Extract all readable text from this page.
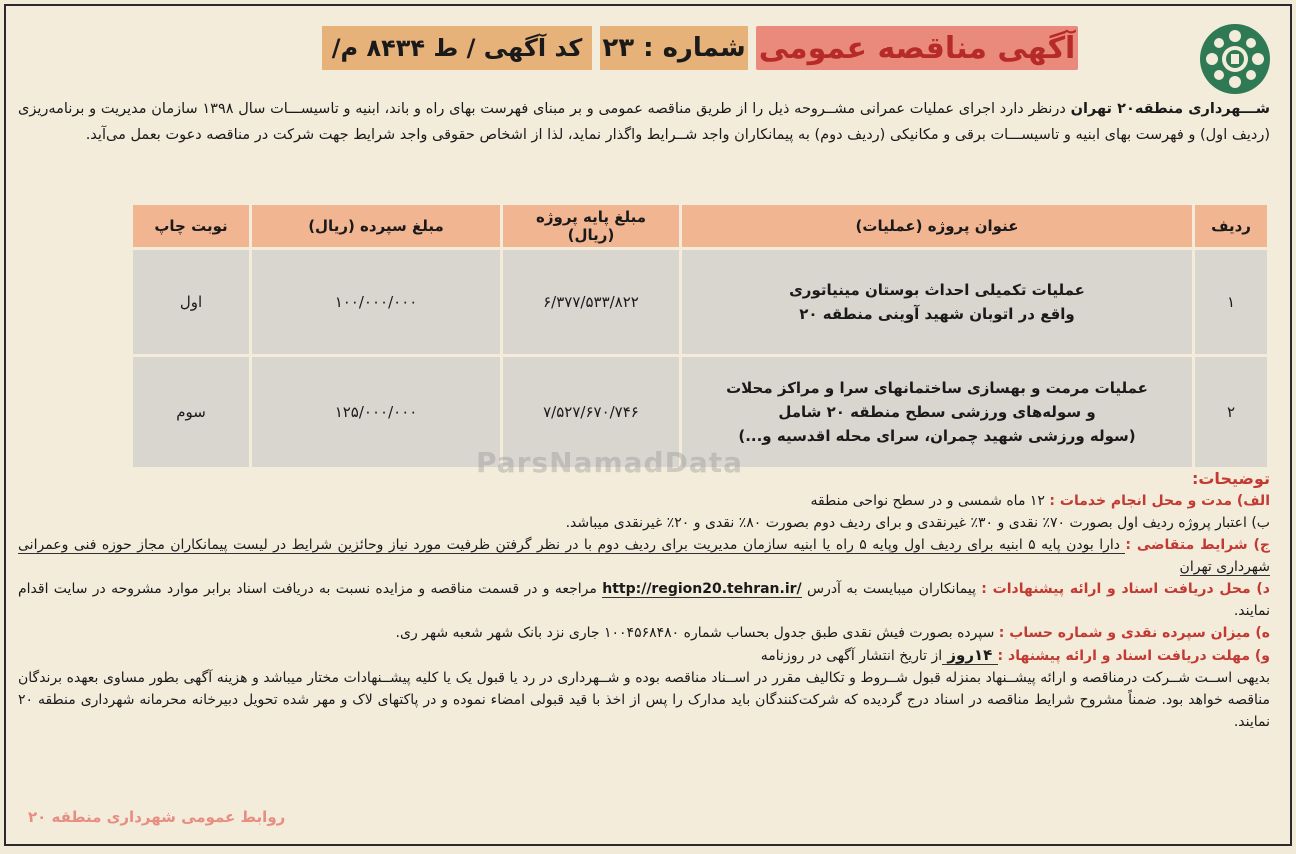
آگهی مناقصه عمومی
شماره : ۲۳
کد آگهی / ط ۸۴۳۴ م/
شـــهرداری منطقه۲۰ تهران درنظر دارد اجرای عملیات عمرانی مشــروحه ذیل را از طریق مناقصه عمومی و بر مبنای فهرست بهای راه و باند، ابنیه و تاسیســـات سال ۱۳۹۸ سازمان مدیریت و برنامه‌ریزی (ردیف اول) و فهرست بهای ابنیه و تاسیســـات برقی و مکانیکی (ردیف دوم) به پیمانکاران واجد شــرایط واگذار نماید، لذا از اشخاص حقوقی واجد شرایط جهت شرکت در مناقصه دعوت بعمل می‌آید.
ردیف	عنوان پروژه (عملیات)	مبلغ پایه پروژه (ریال)	مبلغ سپرده (ریال)	نوبت چاپ
۱	عملیات تکمیلی احداث بوستان مینیاتوری
واقع در اتوبان شهید آوینی منطقه ۲۰	۶/۳۷۷/۵۳۳/۸۲۲	۱۰۰/۰۰۰/۰۰۰	اول
۲	عملیات مرمت و بهسازی ساختمانهای سرا و مراکز محلات
و سوله‌های ورزشی سطح منطقه ۲۰ شامل
(سوله ورزشی شهید چمران، سرای محله اقدسیه و...)	۷/۵۲۷/۶۷۰/۷۴۶	۱۲۵/۰۰۰/۰۰۰	سوم
ParsNamadData	توضیحات:

الف) مدت و محل انجام خدمات : ۱۲ ماه شمسی و در سطح نواحی منطقه

ب) اعتبار پروژه ردیف اول بصورت ۷۰٪ نقدی و ۳۰٪ غیرنقدی و برای ردیف دوم بصورت ۸۰٪ نقدی و ۲۰٪ غیرنقدی میباشد.

ج) شرایط متقاضی : دارا بودن پایه ۵ ابنیه برای ردیف اول وپایه ۵ راه یا ابنیه سازمان مدیریت برای ردیف دوم با در نظر گرفتن ظرفیت مورد نیاز وحائزین شرایط در لیست پیمانکاران مجاز حوزه فنی وعمرانی شهرداری تهران

د) محل دریافت اسناد و ارائه پیشنهادات : پیمانکاران میبایست به آدرس http://region20.tehran.ir/ مراجعه و در قسمت مناقصه و مزایده نسبت به دریافت اسناد برابر موارد مشروحه در سایت اقدام نمایند.

ه) میزان سپرده نقدی و شماره حساب : سپرده بصورت فیش نقدی طبق جدول بحساب شماره ۱۰۰۴۵۶۸۴۸۰ جاری نزد بانک شهر شعبه شهر ری.

و) مهلت دریافت اسناد و ارائه پیشنهاد : ۱۴روز از تاریخ انتشار آگهی در روزنامه

بدیهی اســت شــرکت درمناقصه و ارائه پیشــنهاد بمنزله قبول شــروط و تکالیف مقرر در اســناد مناقصه بوده و شــهرداری در رد یا قبول یک یا کلیه پیشــنهادات مختار میباشد و هزینه آگهی بطور مساوی بعهده برندگان مناقصه خواهد بود. ضمناً مشروح شرایط مناقصه در اسناد درج گردیده که شرکت‌کنندگان باید مدارک را پس از اخذ با قید قبولی امضاء نموده و در پاکتهای لاک و مهر شده تحویل دبیرخانه محرمانه شهرداری منطقه ۲۰ نمایند.

روابط عمومی شهرداری منطقه ۲۰
